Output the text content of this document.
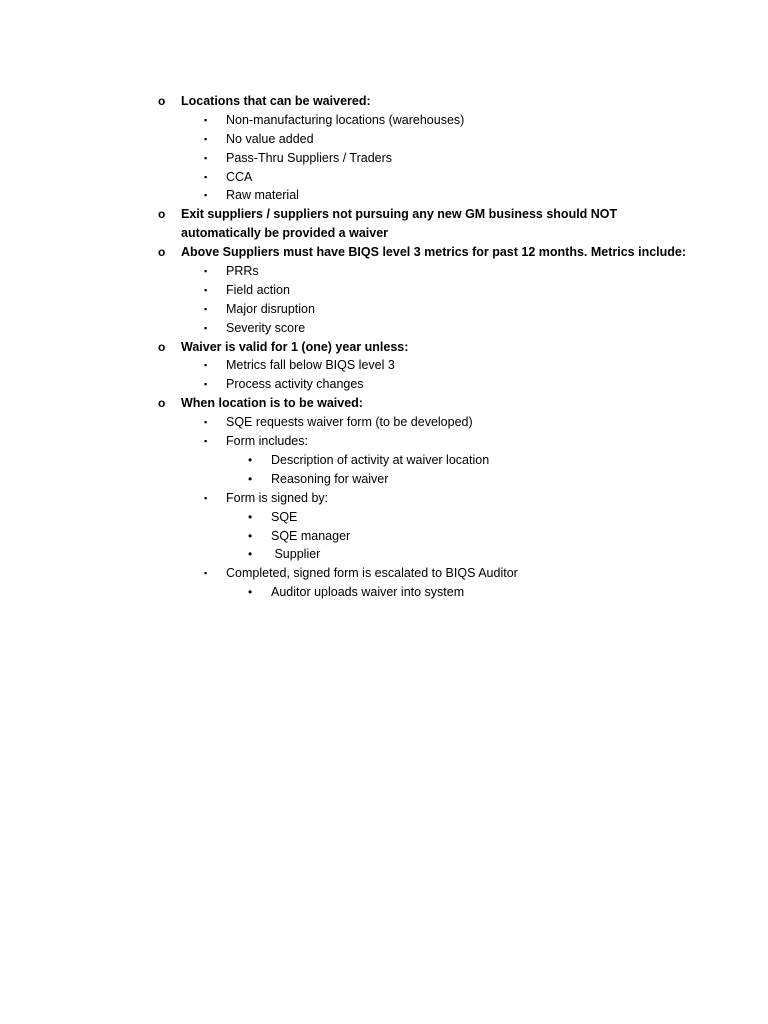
o Locations that can be waivered:
▪ Non-manufacturing locations (warehouses)
▪ No value added
▪ Pass-Thru Suppliers / Traders
▪ CCA
▪ Raw material
o Exit suppliers / suppliers not pursuing any new GM business should NOT automatically be provided a waiver
o Above Suppliers must have BIQS level 3 metrics for past 12 months. Metrics include:
▪ PRRs
▪ Field action
▪ Major disruption
▪ Severity score
o Waiver is valid for 1 (one) year unless:
▪ Metrics fall below BIQS level 3
▪ Process activity changes
o When location is to be waived:
▪ SQE requests waiver form (to be developed)
▪ Form includes:
• Description of activity at waiver location
• Reasoning for waiver
▪ Form is signed by:
• SQE
• SQE manager
• Supplier
▪ Completed, signed form is escalated to BIQS Auditor
• Auditor uploads waiver into system
